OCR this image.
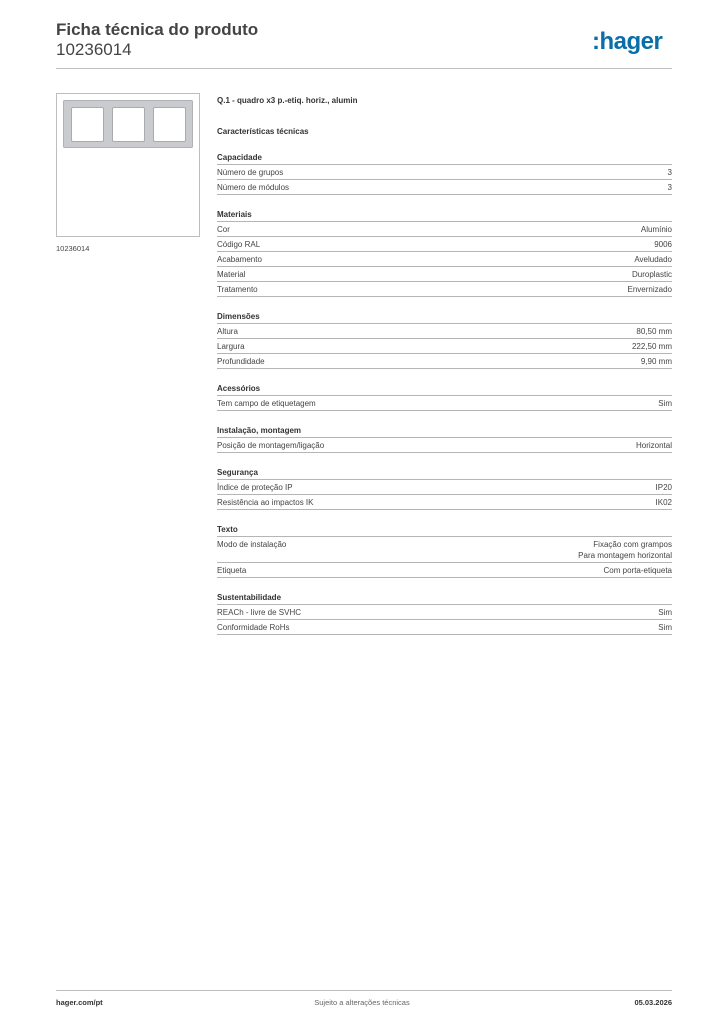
Ficha técnica do produto
10236014	:hager
10236014
Q.1 - quadro x3 p.-etiq. horiz., alumin
Características técnicas
Capacidade
Número de grupos	3
Número de módulos	3
Materiais
Cor	Alumínio
Código RAL	9006
Acabamento	Aveludado
Material	Duroplastic
Tratamento	Envernizado
Dimensões
Altura	80,50 mm
Largura	222,50 mm
Profundidade	9,90 mm
Acessórios
Tem campo de etiquetagem	Sim
Instalação, montagem
Posição de montagem/ligação	Horizontal
Segurança
Índice de proteção IP	IP20
Resistência ao impactos IK	IK02
Texto
Modo de instalação	Fixação com grampos
Para montagem horizontal
Etiqueta	Com porta-etiqueta
Sustentabilidade
REACh - livre de SVHC	Sim
Conformidade RoHs	Sim
hager.com/pt	Sujeito a alterações técnicas	05.03.2026
